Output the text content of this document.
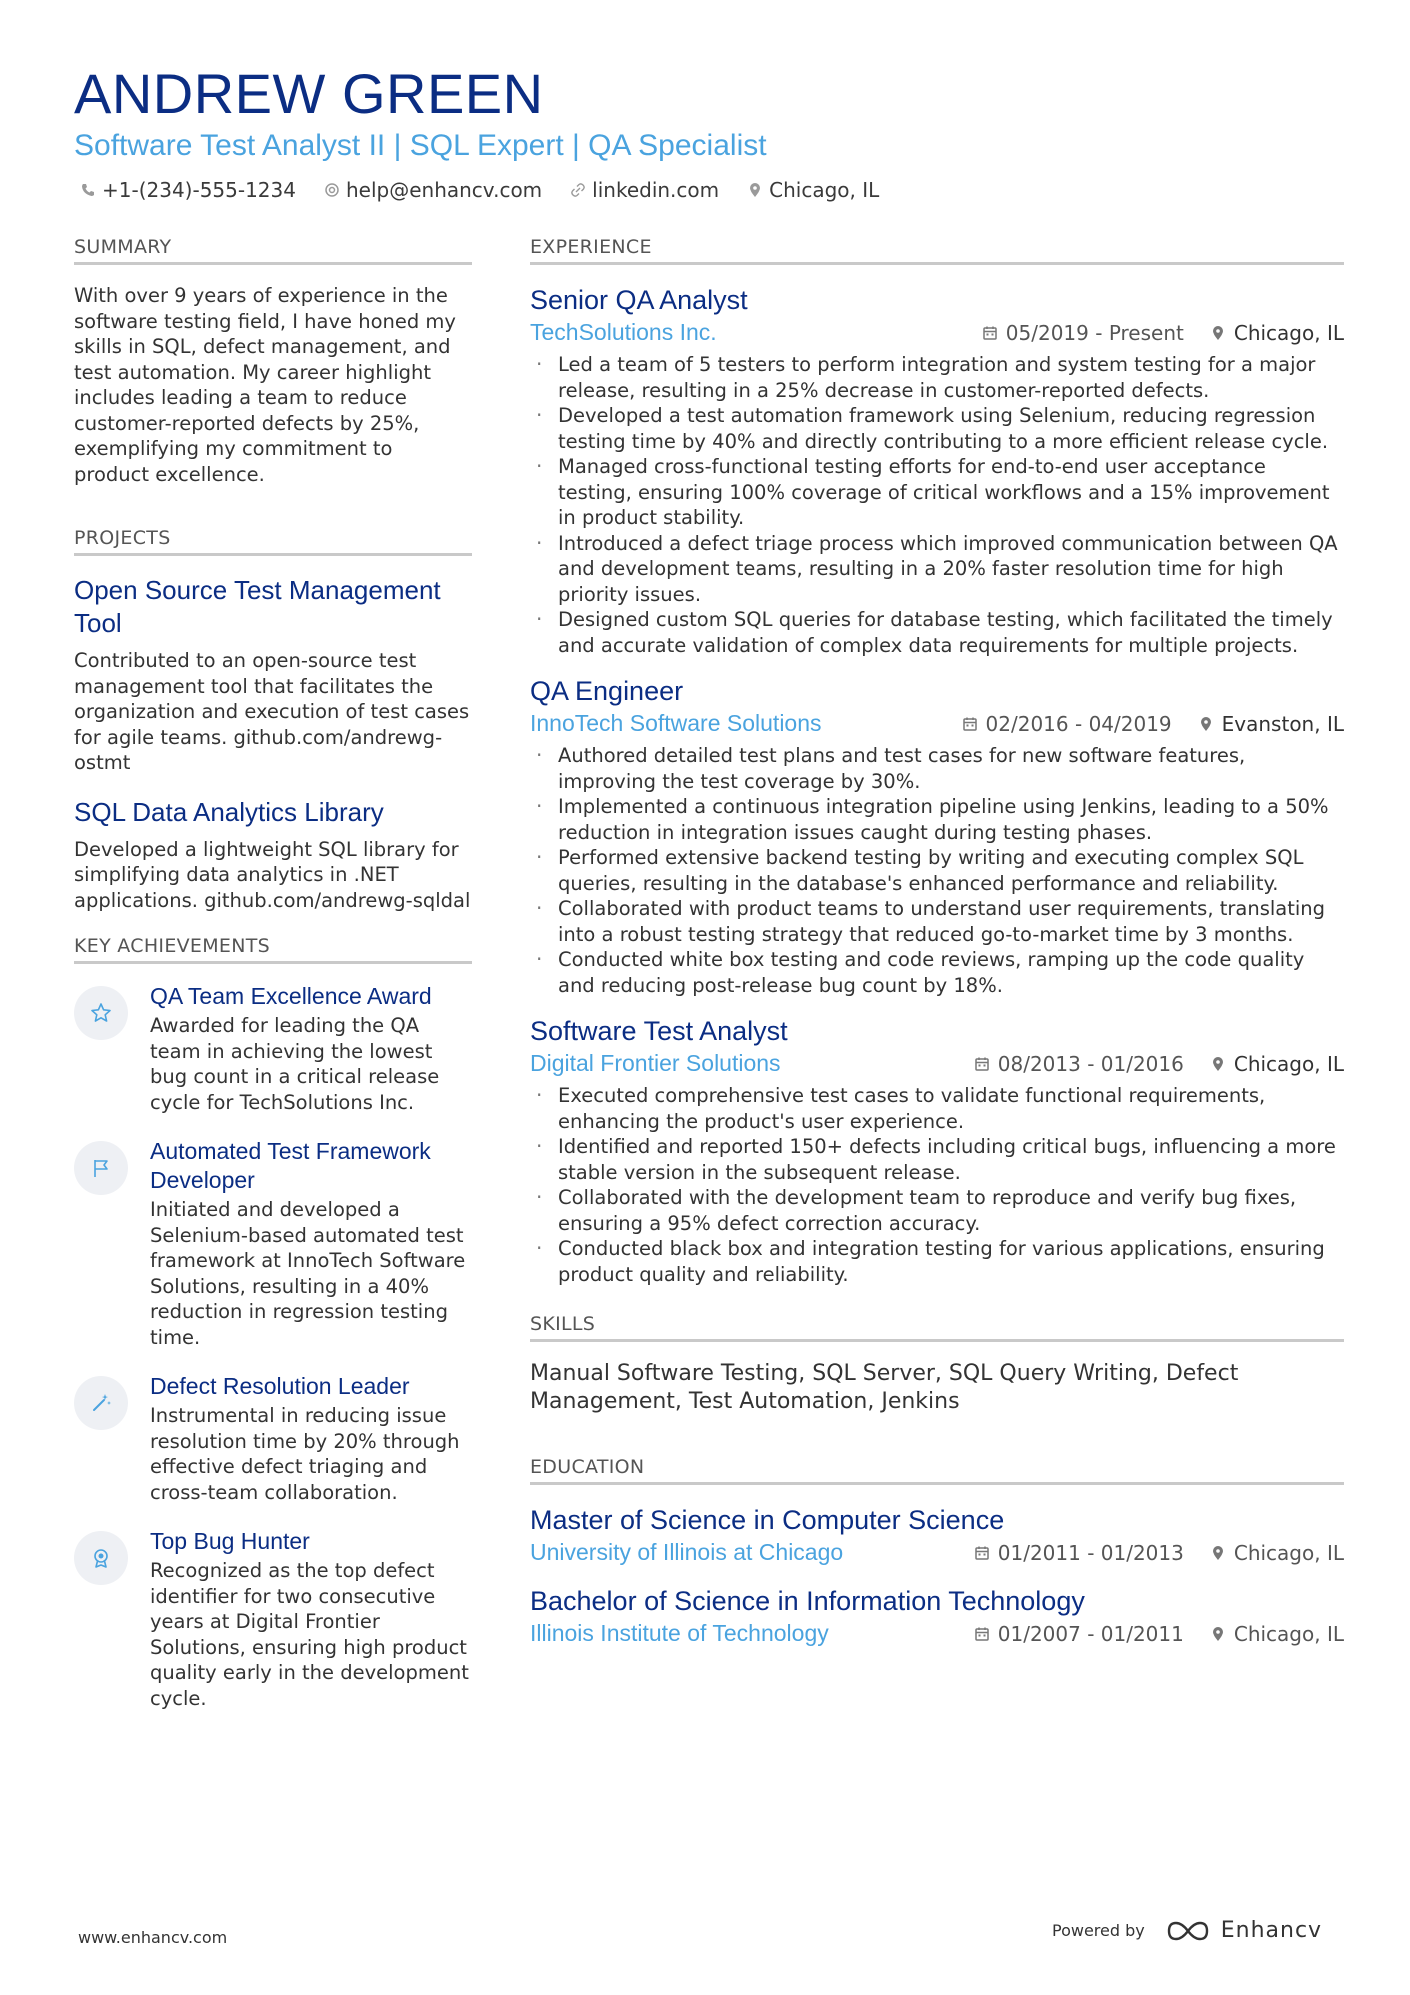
ANDREW GREEN
Software Test Analyst II | SQL Expert | QA Specialist
+1-(234)-555-1234	help@enhancv.com	linkedin.com	Chicago, IL
SUMMARY
With over 9 years of experience in the software testing field, I have honed my skills in SQL, defect management, and test automation. My career highlight includes leading a team to reduce customer-reported defects by 25%, exemplifying my commitment to product excellence.
PROJECTS
Open Source Test Management Tool
Contributed to an open-source test management tool that facilitates the organization and execution of test cases for agile teams. github.com/andrewg-ostmt
SQL Data Analytics Library
Developed a lightweight SQL library for simplifying data analytics in .NET applications. github.com/andrewg-sqldal
KEY ACHIEVEMENTS
QA Team Excellence Award
Awarded for leading the QA team in achieving the lowest bug count in a critical release cycle for TechSolutions Inc.
Automated Test Framework Developer
Initiated and developed a Selenium-based automated test framework at InnoTech Software Solutions, resulting in a 40% reduction in regression testing time.
Defect Resolution Leader
Instrumental in reducing issue resolution time by 20% through effective defect triaging and cross-team collaboration.
Top Bug Hunter
Recognized as the top defect identifier for two consecutive years at Digital Frontier Solutions, ensuring high product quality early in the development cycle.
EXPERIENCE
Senior QA Analyst
TechSolutions Inc.	05/2019 - Present	Chicago, IL
· Led a team of 5 testers to perform integration and system testing for a major release, resulting in a 25% decrease in customer-reported defects.
· Developed a test automation framework using Selenium, reducing regression testing time by 40% and directly contributing to a more efficient release cycle.
· Managed cross-functional testing efforts for end-to-end user acceptance testing, ensuring 100% coverage of critical workflows and a 15% improvement in product stability.
· Introduced a defect triage process which improved communication between QA and development teams, resulting in a 20% faster resolution time for high priority issues.
· Designed custom SQL queries for database testing, which facilitated the timely and accurate validation of complex data requirements for multiple projects.
QA Engineer
InnoTech Software Solutions	02/2016 - 04/2019	Evanston, IL
· Authored detailed test plans and test cases for new software features, improving the test coverage by 30%.
· Implemented a continuous integration pipeline using Jenkins, leading to a 50% reduction in integration issues caught during testing phases.
· Performed extensive backend testing by writing and executing complex SQL queries, resulting in the database's enhanced performance and reliability.
· Collaborated with product teams to understand user requirements, translating into a robust testing strategy that reduced go-to-market time by 3 months.
· Conducted white box testing and code reviews, ramping up the code quality and reducing post-release bug count by 18%.
Software Test Analyst
Digital Frontier Solutions	08/2013 - 01/2016	Chicago, IL
· Executed comprehensive test cases to validate functional requirements, enhancing the product's user experience.
· Identified and reported 150+ defects including critical bugs, influencing a more stable version in the subsequent release.
· Collaborated with the development team to reproduce and verify bug fixes, ensuring a 95% defect correction accuracy.
· Conducted black box and integration testing for various applications, ensuring product quality and reliability.
SKILLS
Manual Software Testing, SQL Server, SQL Query Writing, Defect Management, Test Automation, Jenkins
EDUCATION
Master of Science in Computer Science
University of Illinois at Chicago	01/2011 - 01/2013	Chicago, IL
Bachelor of Science in Information Technology
Illinois Institute of Technology	01/2007 - 01/2011	Chicago, IL
www.enhancv.com	Powered by	Enhancv
